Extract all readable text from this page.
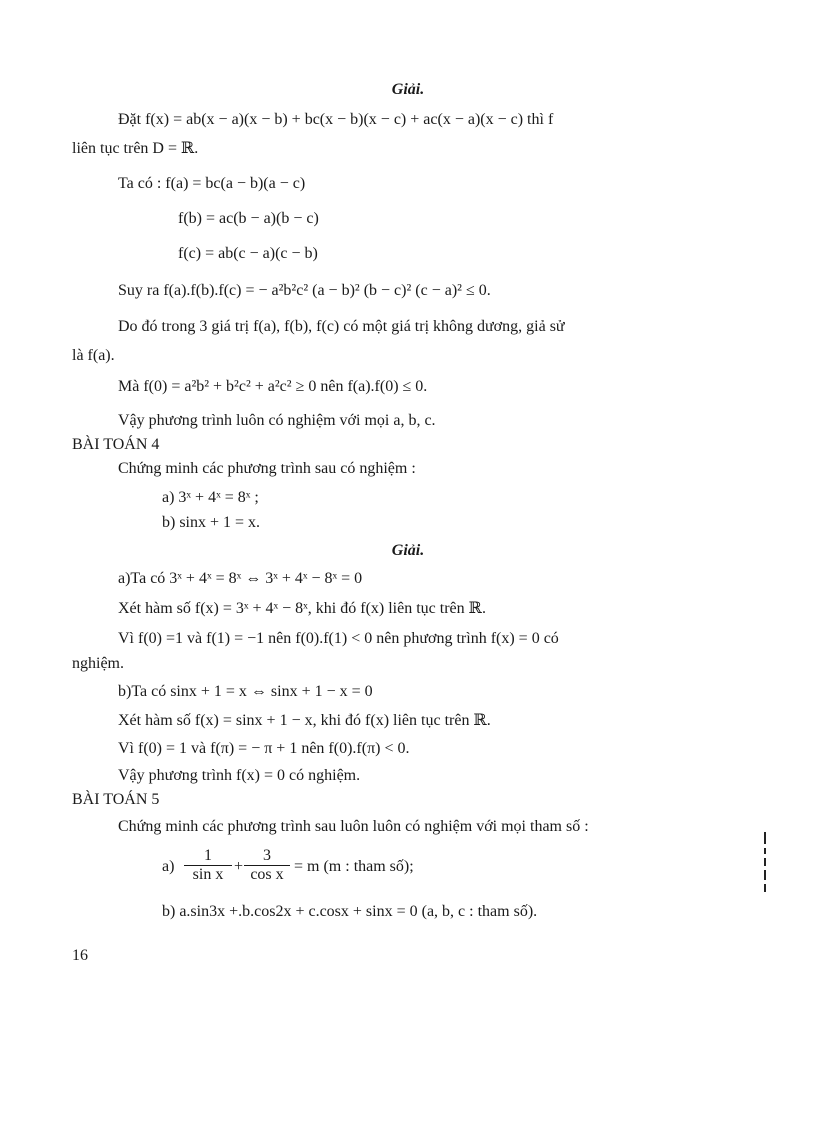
Giải.
Đặt f(x) = ab(x − a)(x − b) + bc(x − b)(x − c) + ac(x − a)(x − c) thì f
liên tục trên D = ℝ.
Ta có : f(a) = bc(a − b)(a − c)
f(b) = ac(b − a)(b − c)
f(c) = ab(c − a)(c − b)
Suy ra f(a).f(b).f(c) = − a²b²c² (a − b)² (b − c)² (c − a)² ≤ 0.
Do đó trong 3 giá trị f(a), f(b), f(c) có một giá trị không dương, giả sử
là f(a).
Mà f(0) = a²b² + b²c² + a²c² ≥ 0 nên f(a).f(0) ≤ 0.
Vậy phương trình luôn có nghiệm với mọi a, b, c.
BÀI TOÁN 4
Chứng minh các phương trình sau có nghiệm :
a) 3ˣ + 4ˣ = 8ˣ ;
b) sinx + 1 = x.
Giải.
a)Ta có 3ˣ + 4ˣ = 8ˣ ⇔ 3ˣ + 4ˣ − 8ˣ = 0
Xét hàm số f(x) = 3ˣ + 4ˣ − 8ˣ, khi đó f(x) liên tục trên ℝ.
Vì f(0) =1 và f(1) = −1 nên f(0).f(1) < 0 nên phương trình f(x) = 0 có
nghiệm.
b)Ta có sinx + 1 = x ⇔ sinx + 1 − x = 0
Xét hàm số f(x) = sinx + 1 − x, khi đó f(x) liên tục trên ℝ.
Vì f(0) = 1 và f(π) = − π + 1 nên f(0).f(π) < 0.
Vậy phương trình f(x) = 0 có nghiệm.
BÀI TOÁN 5
Chứng minh các phương trình sau luôn luôn có nghiệm với mọi tham số :
$a) \frac{1}{\text{sin x}} + \frac{3}{\text{cos x}} = m$ (m : tham số);
b) a.sin3x +.b.cos2x + c.cosx + sinx = 0 (a, b, c : tham số).
16
